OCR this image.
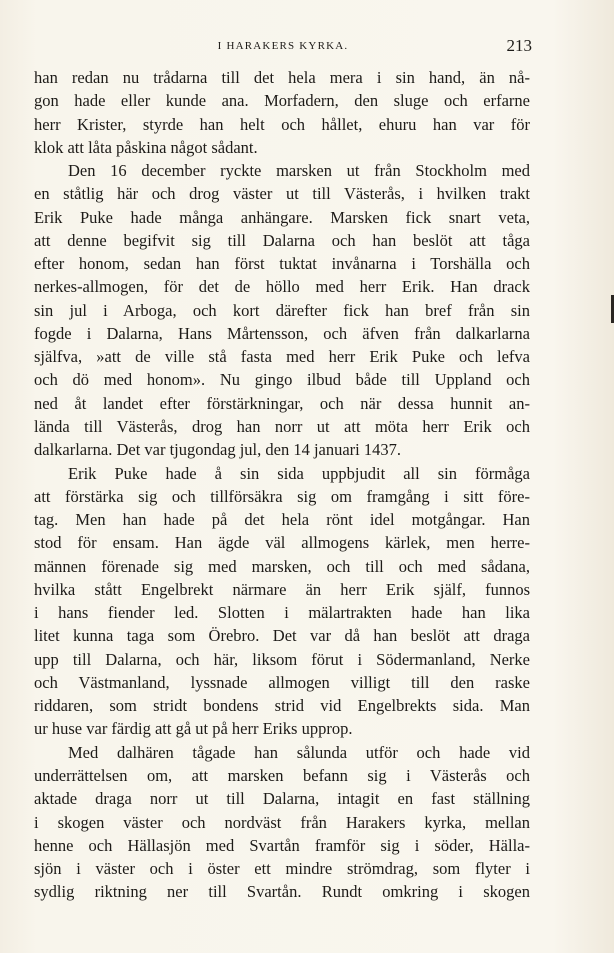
I HARAKERS KYRKA.	213
han redan nu trådarna till det hela mera i sin hand, än nå-
gon hade eller kunde ana. Morfadern, den sluge och erfarne
herr Krister, styrde han helt och hållet, ehuru han var för
klok att låta påskina något sådant.
Den 16 december ryckte marsken ut från Stockholm med
en ståtlig här och drog väster ut till Västerås, i hvilken trakt
Erik Puke hade många anhängare. Marsken fick snart veta,
att denne begifvit sig till Dalarna och han beslöt att tåga
efter honom, sedan han först tuktat invånarna i Torshälla och
nerkes-allmogen, för det de höllo med herr Erik. Han drack
sin jul i Arboga, och kort därefter fick han bref från sin
fogde i Dalarna, Hans Mårtensson, och äfven från dalkarlarna
själfva, »att de ville stå fasta med herr Erik Puke och lefva
och dö med honom». Nu gingo ilbud både till Uppland och
ned åt landet efter förstärkningar, och när dessa hunnit an-
lända till Västerås, drog han norr ut att möta herr Erik och
dalkarlarna. Det var tjugondag jul, den 14 januari 1437.
Erik Puke hade å sin sida uppbjudit all sin förmåga
att förstärka sig och tillförsäkra sig om framgång i sitt före-
tag. Men han hade på det hela rönt idel motgångar. Han
stod för ensam. Han ägde väl allmogens kärlek, men herre-
männen förenade sig med marsken, och till och med sådana,
hvilka stått Engelbrekt närmare än herr Erik själf, funnos
i hans fiender led. Slotten i mälartrakten hade han lika
litet kunna taga som Örebro. Det var då han beslöt att draga
upp till Dalarna, och här, liksom förut i Södermanland, Nerke
och Västmanland, lyssnade allmogen villigt till den raske
riddaren, som stridt bondens strid vid Engelbrekts sida. Man
ur huse var färdig att gå ut på herr Eriks upprop.
Med dalhären tågade han sålunda utför och hade vid
underrättelsen om, att marsken befann sig i Västerås och
aktade draga norr ut till Dalarna, intagit en fast ställning
i skogen väster och nordväst från Harakers kyrka, mellan
henne och Hällasjön med Svartån framför sig i söder, Hälla-
sjön i väster och i öster ett mindre strömdrag, som flyter i
sydlig riktning ner till Svartån. Rundt omkring i skogen
